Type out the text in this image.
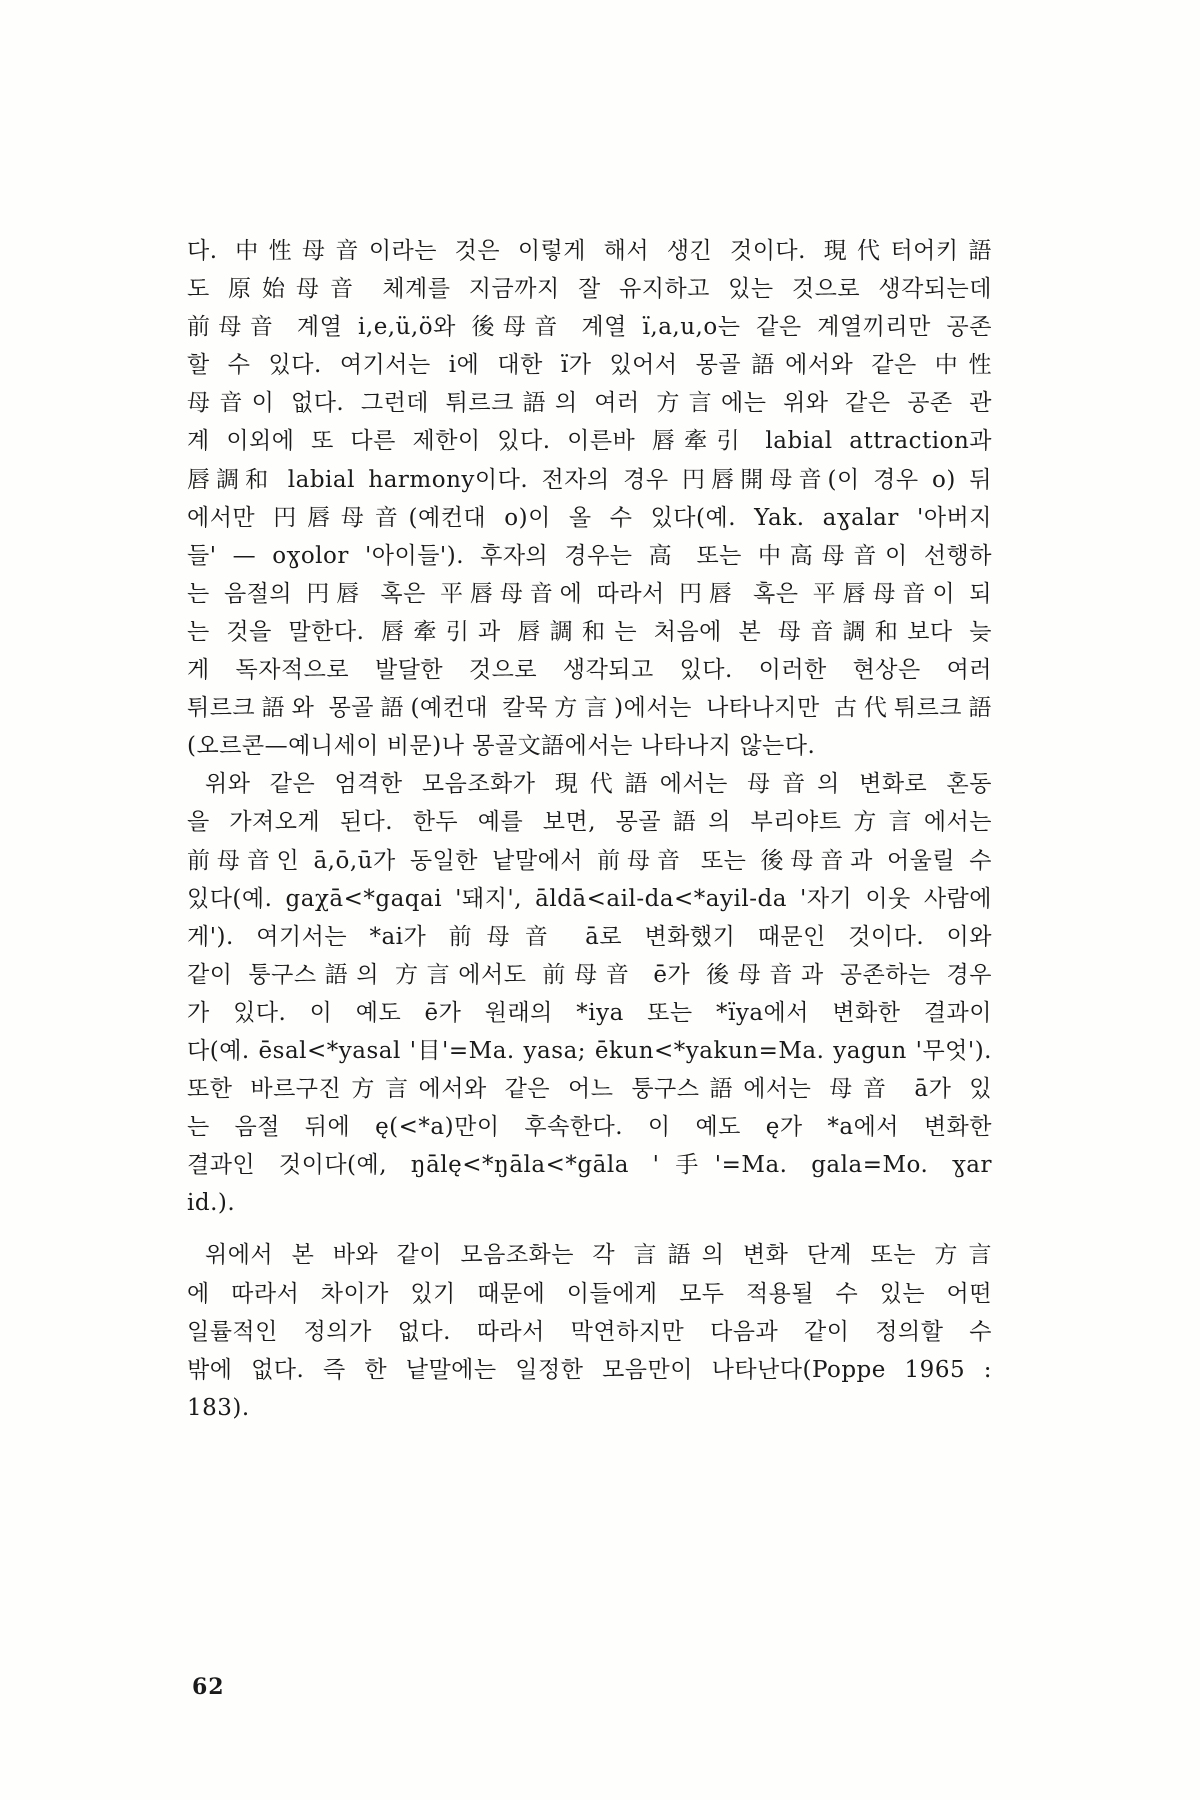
다. 中性母音이라는 것은 이렇게 해서 생긴 것이다. 現代터어키語
도 原始母音 체계를 지금까지 잘 유지하고 있는 것으로 생각되는데
前母音 계열 i,e,ü,ö와 後母音 계열 ï,a,u,o는 같은 계열끼리만 공존
할 수 있다. 여기서는 i에 대한 ï가 있어서 몽골語에서와 같은 中性
母音이 없다. 그런데 튀르크語의 여러 方言에는 위와 같은 공존 관
계 이외에 또 다른 제한이 있다. 이른바 唇牽引 labial attraction과
唇調和 labial harmony이다. 전자의 경우 円唇開母音(이 경우 o) 뒤
에서만 円唇母音(예컨대 o)이 올 수 있다(예. Yak. aɣalar '아버지
들' — oɣolor '아이들'). 후자의 경우는 高 또는 中高母音이 선행하
는 음절의 円唇 혹은 平唇母音에 따라서 円唇 혹은 平唇母音이 되
는 것을 말한다. 唇牽引과 唇調和는 처음에 본 母音調和보다 늦
게 독자적으로 발달한 것으로 생각되고 있다. 이러한 현상은 여러
튀르크語와 몽골語(예컨대 칼묵方言)에서는 나타나지만 古代튀르크語
(오르콘—예니세이 비문)나 몽골文語에서는 나타나지 않는다.
위와 같은 엄격한 모음조화가 現代語에서는 母音의 변화로 혼동
을 가져오게 된다. 한두 예를 보면, 몽골語의 부리야트方言에서는
前母音인 ā,ō,ū가 동일한 낱말에서 前母音 또는 後母音과 어울릴 수
있다(예. gaχā<*gaqai '돼지', āldā<ail-da<*ayil-da '자기 이웃 사람에
게'). 여기서는 *ai가 前母音 ā로 변화했기 때문인 것이다. 이와
같이 퉁구스語의 方言에서도 前母音 ē가 後母音과 공존하는 경우
가 있다. 이 예도 ē가 원래의 *iya 또는 *ïya에서 변화한 결과이
다(예. ēsal<*yasal '目'=Ma. yasa; ēkun<*yakun=Ma. yagun '무엇').
또한 바르구진方言에서와 같은 어느 퉁구스語에서는 母音 ā가 있
는 음절 뒤에 ę(<*a)만이 후속한다. 이 예도 ę가 *a에서 변화한
결과인 것이다(예, ŋālę<*ŋāla<*gāla '手'=Ma. gala=Mo. ɣar
id.).
위에서 본 바와 같이 모음조화는 각 言語의 변화 단계 또는 方言
에 따라서 차이가 있기 때문에 이들에게 모두 적용될 수 있는 어떤
일률적인 정의가 없다. 따라서 막연하지만 다음과 같이 정의할 수
밖에 없다. 즉 한 낱말에는 일정한 모음만이 나타난다(Poppe 1965 :
183).
62
